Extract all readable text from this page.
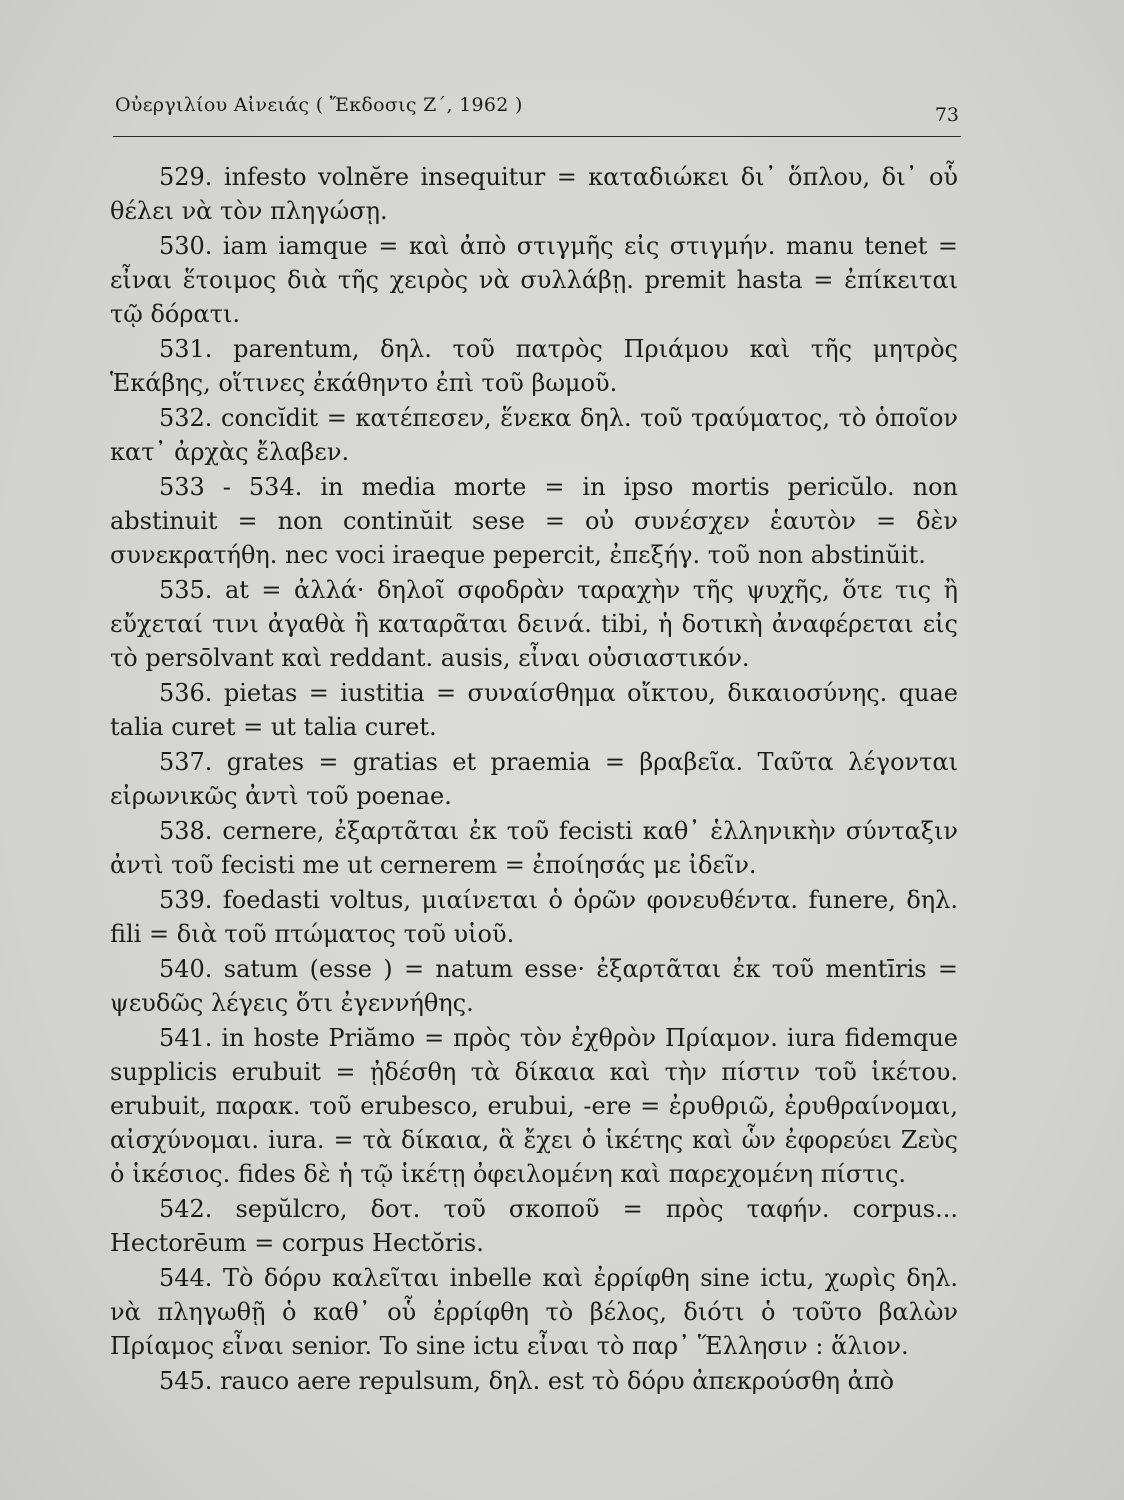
Οὐεργιλίου Αἰνειάς ( Ἔκδοσις Ζ΄, 1962 )	73

529. infesto volnĕre insequitur = καταδιώκει δι᾽ ὅπλου, δι᾽ οὗ θέλει νὰ τὸν πληγώσῃ.

530. iam iamque = καὶ ἀπὸ στιγμῆς εἰς στιγμήν. manu tenet = εἶναι ἕτοιμος διὰ τῆς χειρὸς νὰ συλλάβῃ. premit hasta = ἐπίκειται τῷ δόρατι.

531. parentum, δηλ. τοῦ πατρὸς Πριάμου καὶ τῆς μητρὸς Ἑκάβης, οἵτινες ἐκάθηντο ἐπὶ τοῦ βωμοῦ.

532. concĭdit = κατέπεσεν, ἕνεκα δηλ. τοῦ τραύματος, τὸ ὁποῖον κατ᾽ ἀρχὰς ἔλαβεν.

533 - 534. in media morte = in ipso mortis pericŭlo. non abstinuit = non continŭit sese = οὐ συνέσχεν ἑαυτὸν = δὲν συνεκρατήθη. nec voci iraeque pepercit, ἐπεξήγ. τοῦ non abstinŭit.

535. at = ἀλλά· δηλοῖ σφοδρὰν ταραχὴν τῆς ψυχῆς, ὅτε τις ἢ εὔχεταί τινι ἀγαθὰ ἢ καταρᾶται δεινά. tibi, ἡ δοτικὴ ἀναφέρεται εἰς τὸ persōlvant καὶ reddant. ausis, εἶναι οὐσιαστικόν.

536. pietas = iustitia = συναίσθημα οἴκτου, δικαιοσύνης. quae talia curet = ut talia curet.

537. grates = gratias et praemia = βραβεῖα. Ταῦτα λέγονται εἰρωνικῶς ἀντὶ τοῦ poenae.

538. cernere, ἐξαρτᾶται ἐκ τοῦ fecisti καθ᾽ ἑλληνικὴν σύνταξιν ἀντὶ τοῦ fecisti me ut cernerem = ἐποίησάς με ἰδεῖν.

539. foedasti voltus, μιαίνεται ὁ ὁρῶν φονευθέντα. funere, δηλ. fili = διὰ τοῦ πτώματος τοῦ υἱοῦ.

540. satum (esse ) = natum esse· ἐξαρτᾶται ἐκ τοῦ mentīris = ψευδῶς λέγεις ὅτι ἐγεννήθης.

541. in hoste Priămo = πρὸς τὸν ἐχθρὸν Πρίαμον. iura fidemque supplicis erubuit = ᾐδέσθη τὰ δίκαια καὶ τὴν πίστιν τοῦ ἱκέτου. erubuit, παρακ. τοῦ erubesco, erubui, -ere = ἐρυθριῶ, ἐρυθραίνομαι, αἰσχύνομαι. iura. = τὰ δίκαια, ἃ ἔχει ὁ ἱκέτης καὶ ὧν ἐφορεύει Ζεὺς ὁ ἱκέσιος. fides δὲ ἡ τῷ ἱκέτῃ ὀφειλομένη καὶ παρεχομένη πίστις.

542. sepŭlcro, δοτ. τοῦ σκοποῦ = πρὸς ταφήν. corpus... Hectorēum = corpus Hectŏris.

544. Τὸ δόρυ καλεῖται inbelle καὶ ἐρρίφθη sine ictu, χωρὶς δηλ. νὰ πληγωθῇ ὁ καθ᾽ οὗ ἐρρίφθη τὸ βέλος, διότι ὁ τοῦτο βαλὼν Πρίαμος εἶναι senior. To sine ictu εἶναι τὸ παρ᾽ Ἕλλησιν : ἅλιον.

545. rauco aere repulsum, δηλ. est τὸ δόρυ ἀπεκρούσθη ἀπὸ
